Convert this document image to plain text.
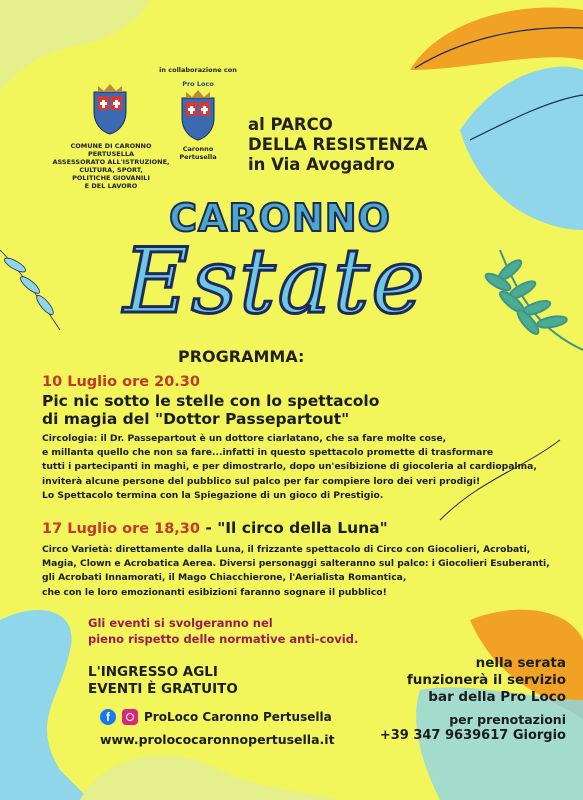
COMUNE DI CARONNO PERTUSELLA
ASSESSORATO ALL'ISTRUZIONE,
CULTURA, SPORT,
POLITICHE GIOVANILI
E DEL LAVORO
in collaborazione con
Pro Loco
Caronno
Pertusella
al PARCO
DELLA RESISTENZA
in Via Avogadro
CARONNO
Estate
PROGRAMMA:
10 Luglio ore 20.30
Pic nic sotto le stelle con lo spettacolo
di magia del "Dottor Passepartout"
Circologia: il Dr. Passepartout è un dottore ciarlatano, che sa fare molte cose,
e millanta quello che non sa fare...infatti in questo spettacolo promette di trasformare
tutti i partecipanti in maghi, e per dimostrarlo, dopo un'esibizione di giocoleria al cardiopalma,
inviterà alcune persone del pubblico sul palco per far compiere loro dei veri prodigi!
Lo Spettacolo termina con la Spiegazione di un gioco di Prestigio.
17 Luglio ore 18,30 - "Il circo della Luna"
Circo Varietà: direttamente dalla Luna, il frizzante spettacolo di Circo con Giocolieri, Acrobati,
Magia, Clown e Acrobatica Aerea. Diversi personaggi salteranno sul palco: i Giocolieri Esuberanti,
gli Acrobati Innamorati, il Mago Chiacchierone, l'Aerialista Romantica,
che con le loro emozionanti esibizioni faranno sognare il pubblico!
Gli eventi si svolgeranno nel
pieno rispetto delle normative anti-covid.
L'INGRESSO AGLI
EVENTI È GRATUITO
nella serata
funzionerà il servizio
bar della Pro Loco
per prenotazioni
+39 347 9639617 Giorgio
f	ProLoco Caronno Pertusella
www.prolococaronnopertusella.it
